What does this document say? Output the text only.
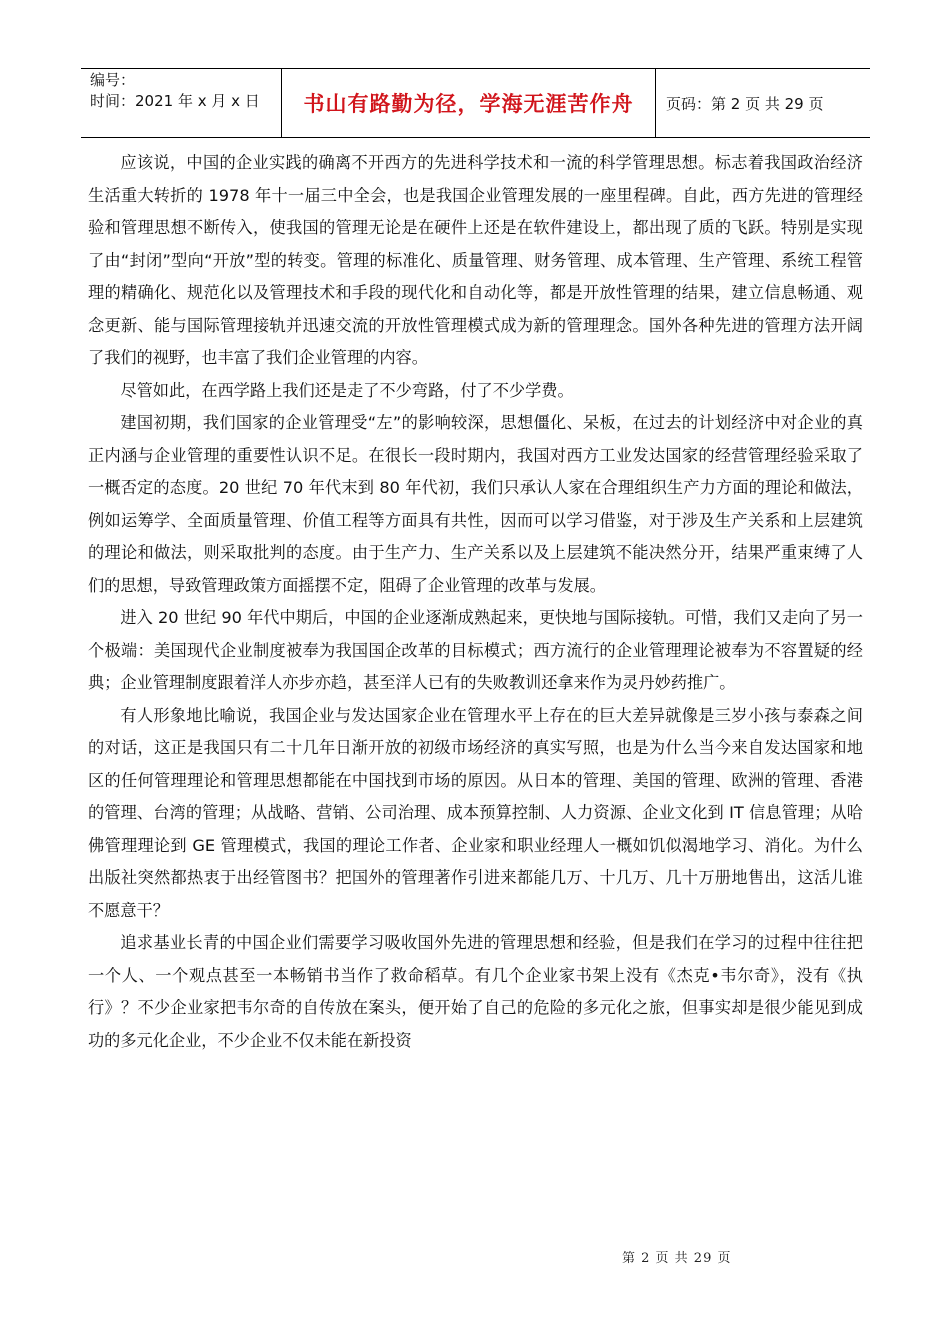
编号：
时间：2021 年 x 月 x 日	书山有路勤为径，学海无涯苦作舟	页码：第 2 页 共 29 页

应该说，中国的企业实践的确离不开西方的先进科学技术和一流的科学管理思想。标志着我国政治经济生活重大转折的 1978 年十一届三中全会，也是我国企业管理发展的一座里程碑。自此，西方先进的管理经验和管理思想不断传入，使我国的管理无论是在硬件上还是在软件建设上，都出现了质的飞跃。特别是实现了由“封闭”型向“开放”型的转变。管理的标准化、质量管理、财务管理、成本管理、生产管理、系统工程管理的精确化、规范化以及管理技术和手段的现代化和自动化等，都是开放性管理的结果，建立信息畅通、观念更新、能与国际管理接轨并迅速交流的开放性管理模式成为新的管理理念。国外各种先进的管理方法开阔了我们的视野，也丰富了我们企业管理的内容。

尽管如此，在西学路上我们还是走了不少弯路，付了不少学费。

建国初期，我们国家的企业管理受“左”的影响较深，思想僵化、呆板，在过去的计划经济中对企业的真正内涵与企业管理的重要性认识不足。在很长一段时期内，我国对西方工业发达国家的经营管理经验采取了一概否定的态度。20 世纪 70 年代末到 80 年代初，我们只承认人家在合理组织生产力方面的理论和做法，例如运筹学、全面质量管理、价值工程等方面具有共性，因而可以学习借鉴，对于涉及生产关系和上层建筑的理论和做法，则采取批判的态度。由于生产力、生产关系以及上层建筑不能决然分开，结果严重束缚了人们的思想，导致管理政策方面摇摆不定，阻碍了企业管理的改革与发展。

进入 20 世纪 90 年代中期后，中国的企业逐渐成熟起来，更快地与国际接轨。可惜，我们又走向了另一个极端：美国现代企业制度被奉为我国国企改革的目标模式；西方流行的企业管理理论被奉为不容置疑的经典；企业管理制度跟着洋人亦步亦趋，甚至洋人已有的失败教训还拿来作为灵丹妙药推广。

有人形象地比喻说，我国企业与发达国家企业在管理水平上存在的巨大差异就像是三岁小孩与泰森之间的对话，这正是我国只有二十几年日渐开放的初级市场经济的真实写照，也是为什么当今来自发达国家和地区的任何管理理论和管理思想都能在中国找到市场的原因。从日本的管理、美国的管理、欧洲的管理、香港的管理、台湾的管理；从战略、营销、公司治理、成本预算控制、人力资源、企业文化到 IT 信息管理；从哈佛管理理论到 GE 管理模式，我国的理论工作者、企业家和职业经理人一概如饥似渴地学习、消化。为什么出版社突然都热衷于出经管图书？把国外的管理著作引进来都能几万、十几万、几十万册地售出，这活儿谁不愿意干？

追求基业长青的中国企业们需要学习吸收国外先进的管理思想和经验，但是我们在学习的过程中往往把一个人、一个观点甚至一本畅销书当作了救命稻草。有几个企业家书架上没有《杰克•韦尔奇》，没有《执行》？不少企业家把韦尔奇的自传放在案头，便开始了自己的危险的多元化之旅，但事实却是很少能见到成功的多元化企业，不少企业不仅未能在新投资

第 2 页 共 29 页
